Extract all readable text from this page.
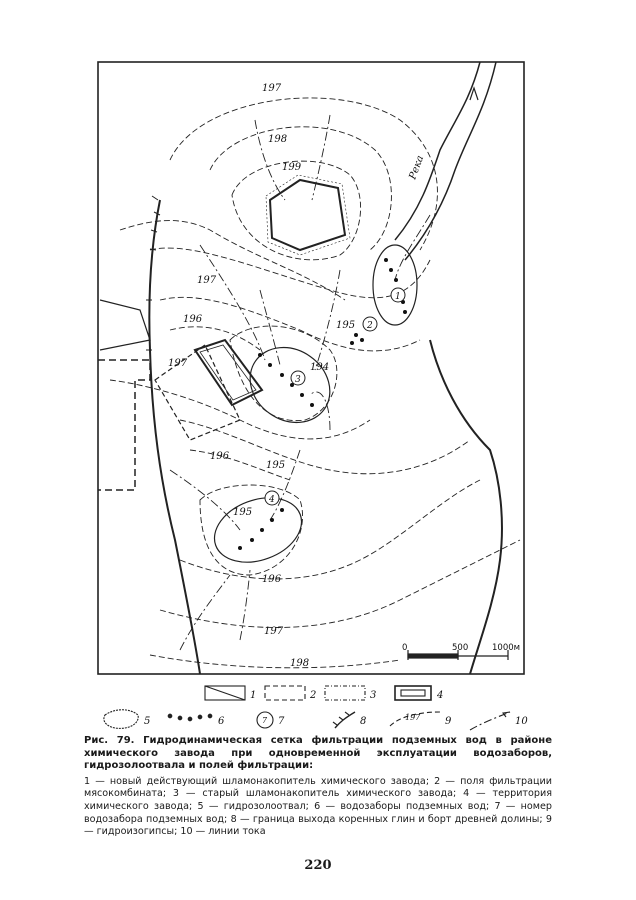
197
198
199
197
196
195
194
197
196
195
195
196
197
198
Река
1
2
3
4
0	500	1000м
1	2	3	4
5	6	7	8	9	10
197
7
Рис. 79. Гидродинамическая сетка фильтрации подземных вод в районе химического завода при одновременной эксплуатации водозаборов, гидрозолоотвала и полей фильтрации:
1 — новый действующий шламонакопитель химического завода; 2 — поля фильтрации мясокомбината; 3 — старый шламонакопитель химического завода; 4 — территория химического завода; 5 — гидрозолоотвал; 6 — водозаборы подземных вод; 7 — номер водозабора подземных вод; 8 — граница выхода коренных глин и борт древней долины; 9 — гидроизогипсы; 10 — линии тока
220
